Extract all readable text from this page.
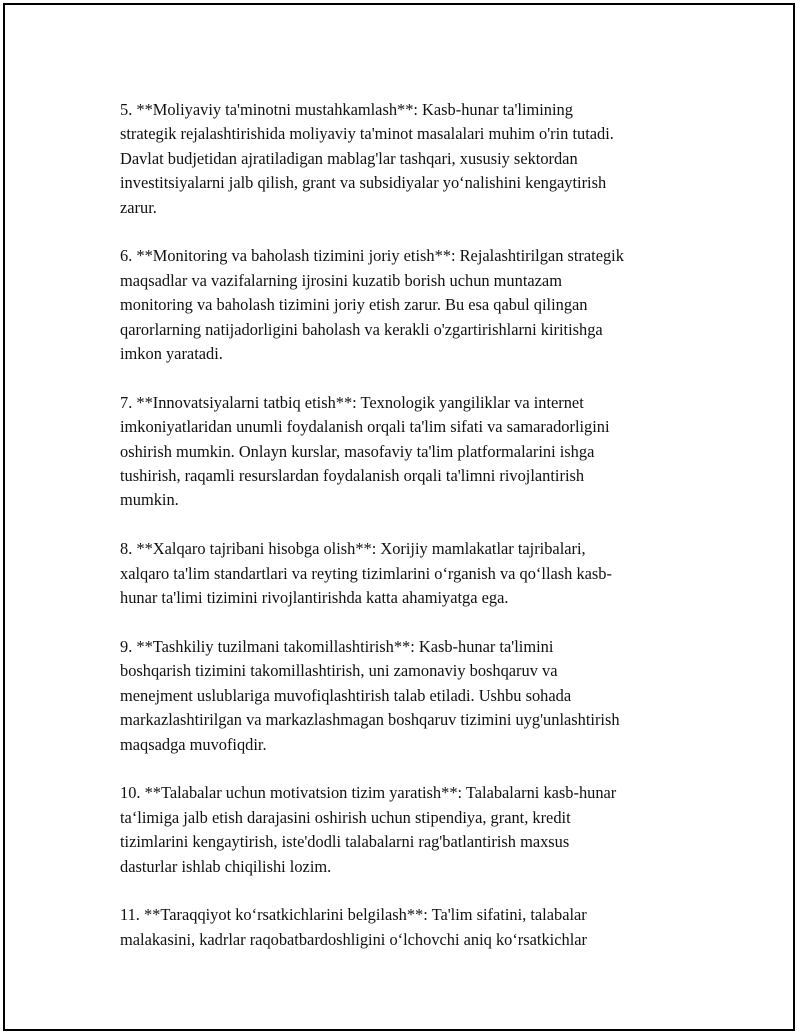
5. **Moliyaviy ta'minotni mustahkamlash**: Kasb-hunar ta'limining
strategik rejalashtirishida moliyaviy ta'minot masalalari muhim o'rin tutadi.
Davlat budjetidan ajratiladigan mablag'lar tashqari, xususiy sektordan
investitsiyalarni jalb qilish, grant va subsidiyalar yo‘nalishini kengaytirish
zarur.

6. **Monitoring va baholash tizimini joriy etish**: Rejalashtirilgan strategik
maqsadlar va vazifalarning ijrosini kuzatib borish uchun muntazam
monitoring va baholash tizimini joriy etish zarur. Bu esa qabul qilingan
qarorlarning natijadorligini baholash va kerakli o'zgartirishlarni kiritishga
imkon yaratadi.

7. **Innovatsiyalarni tatbiq etish**: Texnologik yangiliklar va internet
imkoniyatlaridan unumli foydalanish orqali ta'lim sifati va samaradorligini
oshirish mumkin. Onlayn kurslar, masofaviy ta'lim platformalarini ishga
tushirish, raqamli resurslardan foydalanish orqali ta'limni rivojlantirish
mumkin.

8. **Xalqaro tajribani hisobga olish**: Xorijiy mamlakatlar tajribalari,
xalqaro ta'lim standartlari va reyting tizimlarini o‘rganish va qo‘llash kasb-
hunar ta'limi tizimini rivojlantirishda katta ahamiyatga ega.

9. **Tashkiliy tuzilmani takomillashtirish**: Kasb-hunar ta'limini
boshqarish tizimini takomillashtirish, uni zamonaviy boshqaruv va
menejment uslublariga muvofiqlashtirish talab etiladi. Ushbu sohada
markazlashtirilgan va markazlashmagan boshqaruv tizimini uyg'unlashtirish
maqsadga muvofiqdir.

10. **Talabalar uchun motivatsion tizim yaratish**: Talabalarni kasb-hunar
ta‘limiga jalb etish darajasini oshirish uchun stipendiya, grant, kredit
tizimlarini kengaytirish, iste'dodli talabalarni rag'batlantirish maxsus
dasturlar ishlab chiqilishi lozim.

11. **Taraqqiyot ko‘rsatkichlarini belgilash**: Ta'lim sifatini, talabalar
malakasini, kadrlar raqobatbardoshligini o‘lchovchi aniq ko‘rsatkichlar
